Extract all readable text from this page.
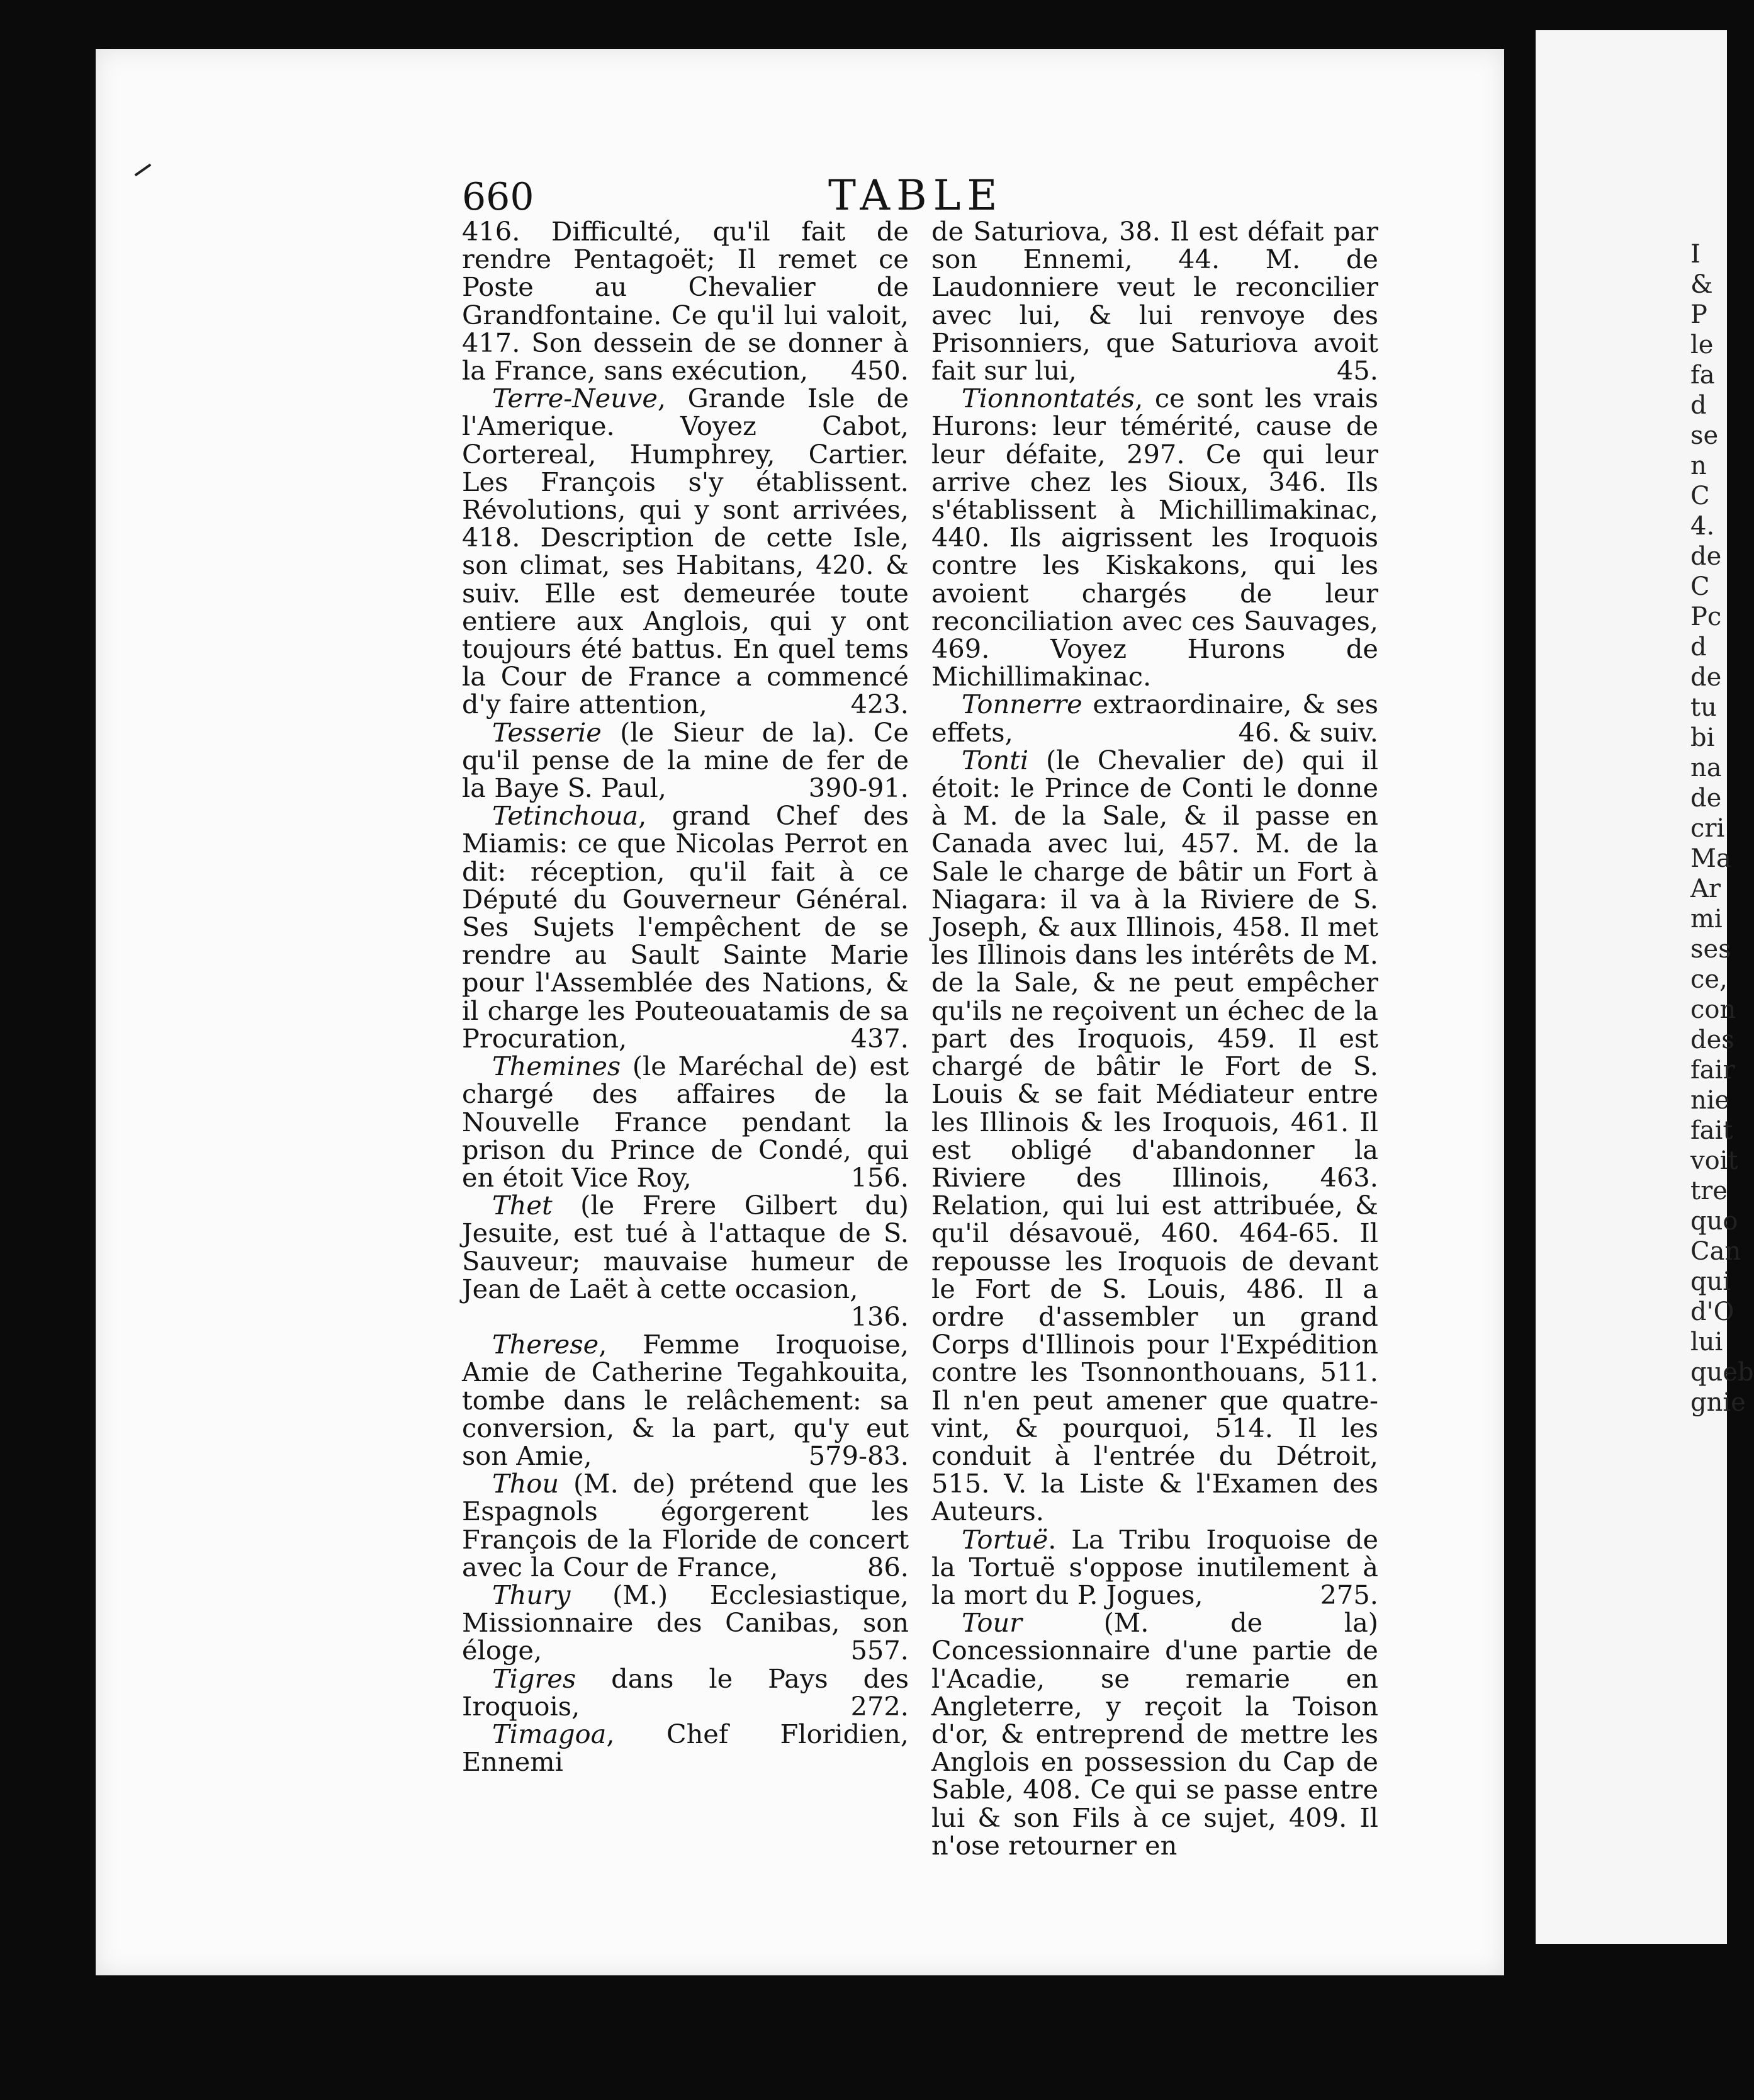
660	TABLE

416. Difficulté, qu'il fait de rendre Pentagoët; Il remet ce Poste au Chevalier de Grandfontaine. Ce qu'il lui valoit, 417. Son dessein de se donner à la France, sans exécution, 450.

Terre-Neuve, Grande Isle de l'Amerique. Voyez Cabot, Cortereal, Humphrey, Cartier. Les François s'y établissent. Révolutions, qui y sont arrivées, 418. Description de cette Isle, son climat, ses Habitans, 420. & suiv. Elle est demeurée toute entiere aux Anglois, qui y ont toujours été battus. En quel tems la Cour de France a commencé d'y faire attention,	423.

Tesserie (le Sieur de la). Ce qu'il pense de la mine de fer de la Baye S. Paul,	390-91.

Tetinchoua, grand Chef des Miamis: ce que Nicolas Perrot en dit: réception, qu'il fait à ce Député du Gouverneur Général. Ses Sujets l'empêchent de se rendre au Sault Sainte Marie pour l'Assemblée des Nations, & il charge les Pouteouatamis de sa Procuration,	437.

Themines (le Maréchal de) est chargé des affaires de la Nouvelle France pendant la prison du Prince de Condé, qui en étoit Vice Roy,	156.

Thet (le Frere Gilbert du) Jesuite, est tué à l'attaque de S. Sauveur; mauvaise humeur de Jean de Laët à cette occasion,
136.

Therese, Femme Iroquoise, Amie de Catherine Tegahkouita, tombe dans le relâchement: sa conversion, & la part, qu'y eut son Amie,	579-83.

Thou (M. de) prétend que les Espagnols égorgerent les François de la Floride de concert avec la Cour de France,	86.

Thury (M.) Ecclesiastique, Missionnaire des Canibas, son éloge,	557.

Tigres dans le Pays des Iroquois,	272.

Timagoa, Chef Floridien, Ennemi

de Saturiova, 38. Il est défait par son Ennemi, 44. M. de Laudonniere veut le reconcilier avec lui, & lui renvoye des Prisonniers, que Saturiova avoit fait sur lui,	45.

Tionnontatés, ce sont les vrais Hurons: leur témérité, cause de leur défaite, 297. Ce qui leur arrive chez les Sioux, 346. Ils s'établissent à Michillimakinac, 440. Ils aigrissent les Iroquois contre les Kiskakons, qui les avoient chargés de leur reconciliation avec ces Sauvages, 469. Voyez Hurons de Michillimakinac.

Tonnerre extraordinaire, & ses effets,	46. & suiv.

Tonti (le Chevalier de) qui il étoit: le Prince de Conti le donne à M. de la Sale, & il passe en Canada avec lui, 457. M. de la Sale le charge de bâtir un Fort à Niagara: il va à la Riviere de S. Joseph, & aux Illinois, 458. Il met les Illinois dans les intérêts de M. de la Sale, & ne peut empêcher qu'ils ne reçoivent un échec de la part des Iroquois, 459. Il est chargé de bâtir le Fort de S. Louis & se fait Médiateur entre les Illinois & les Iroquois, 461. Il est obligé d'abandonner la Riviere des Illinois, 463. Relation, qui lui est attribuée, & qu'il désavouë, 460. 464-65. Il repousse les Iroquois de devant le Fort de S. Louis, 486. Il a ordre d'assembler un grand Corps d'Illinois pour l'Expédition contre les Tsonnonthouans, 511. Il n'en peut amener que quatre-vint, & pourquoi, 514. Il les conduit à l'entrée du Détroit, 515. V. la Liste & l'Examen des Auteurs.

Tortuë. La Tribu Iroquoise de la Tortuë s'oppose inutilement à la mort du P. Jogues,	275.

Tour (M. de la) Concessionnaire d'une partie de l'Acadie, se remarie en Angleterre, y reçoit la Toison d'or, & entreprend de mettre les Anglois en possession du Cap de Sable, 408. Ce qui se passe entre lui & son Fils à ce sujet, 409. Il n'ose retourner en

I
&
P
le
fa
d
se
n
C
4.
de
C
Pc
d
de
tu
bi
na
de
cri
Ma
Ar
mi
ses
ce,
con
des
fair
nie
fait
voit
tre
quo
Can
qui
d'O
lui
queb
gnie
